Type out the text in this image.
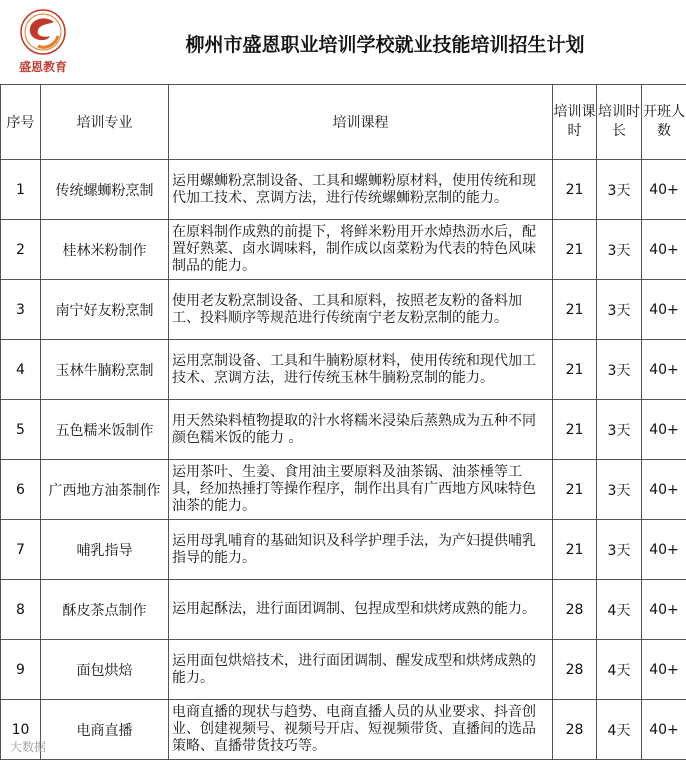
盛恩教育
柳州市盛恩职业培训学校就业技能培训招生计划
序号	培训专业	培训课程	培训课时	培训时长	开班人数
1	传统螺蛳粉烹制	运用螺蛳粉烹制设备、工具和螺蛳粉原材料，使用传统和现代加工技术、烹调方法，进行传统螺蛳粉烹制的能力。	21	3天	40+
2	桂林米粉制作	在原料制作成熟的前提下，将鲜米粉用开水焯热沥水后，配置好熟菜、卤水调味料，制作成以卤菜粉为代表的特色风味制品的能力。	21	3天	40+
3	南宁好友粉烹制	使用老友粉烹制设备、工具和原料，按照老友粉的备料加工、投料顺序等规范进行传统南宁老友粉烹制的能力。	21	3天	40+
4	玉林牛腩粉烹制	运用烹制设备、工具和牛腩粉原材料，使用传统和现代加工技术、烹调方法，进行传统玉林牛腩粉烹制的能力。	21	3天	40+
5	五色糯米饭制作	用天然染料植物提取的汁水将糯米浸染后蒸熟成为五种不同颜色糯米饭的能力 。	21	3天	40+
6	广西地方油茶制作	运用茶叶、生姜、食用油主要原料及油茶锅、油茶棰等工具，经加热捶打等操作程序，制作出具有广西地方风味特色油茶的能力。	21	3天	40+
7	哺乳指导	运用母乳哺育的基础知识及科学护理手法，为产妇提供哺乳指导的能力。	21	3天	40+
8	酥皮茶点制作	运用起酥法，进行面团调制、包捏成型和烘烤成熟的能力。	28	4天	40+
9	面包烘焙	运用面包烘焙技术，进行面团调制、醒发成型和烘烤成熟的能力。	28	4天	40+
10	电商直播	电商直播的现状与趋势、电商直播人员的从业要求、抖音创业、创建视频号、视频号开店、短视频带货、直播间的选品策略、直播带货技巧等。	28	4天	40+
大数据
